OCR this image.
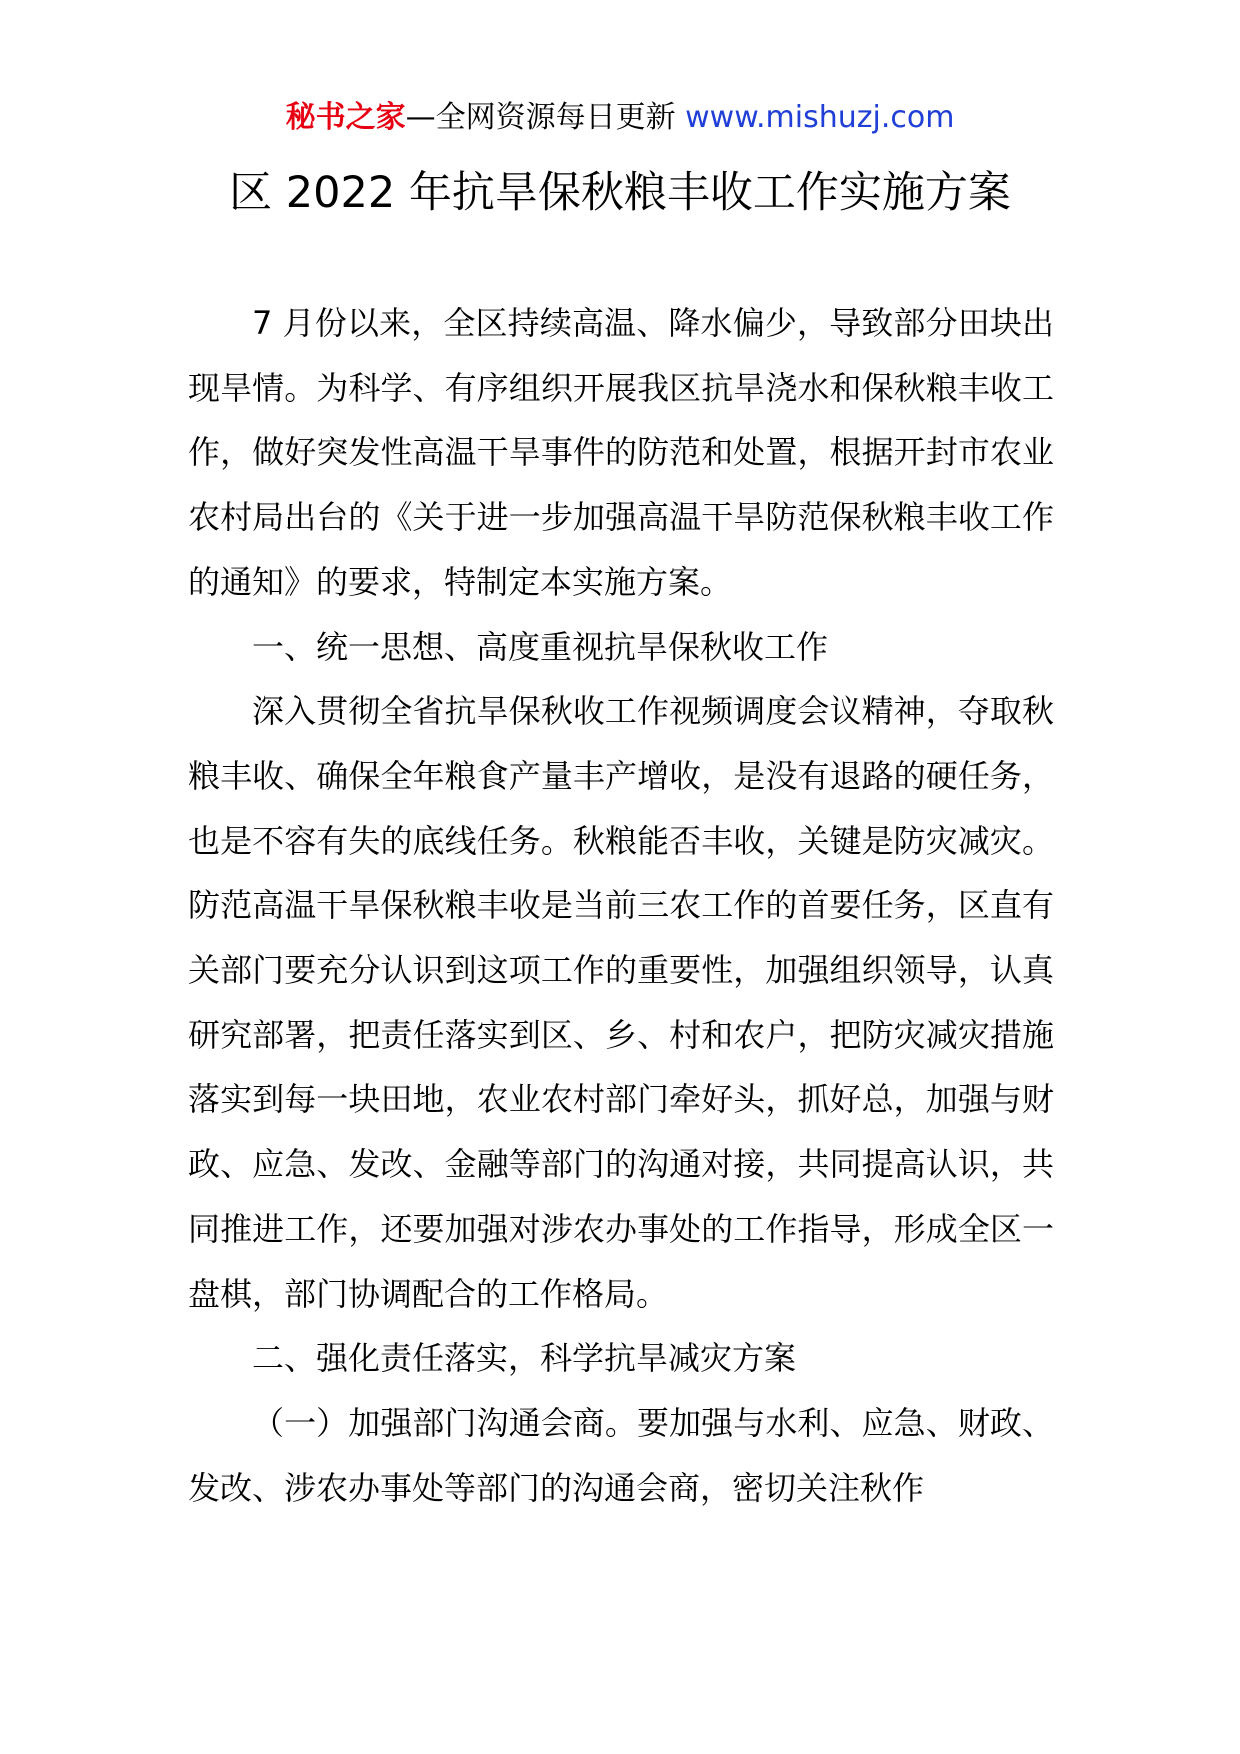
秘书之家—全网资源每日更新 www.mishuzj.com
区 2022 年抗旱保秋粮丰收工作实施方案

7 月份以来，全区持续高温、降水偏少，导致部分田块出现旱情。为科学、有序组织开展我区抗旱浇水和保秋粮丰收工作，做好突发性高温干旱事件的防范和处置，根据开封市农业农村局出台的《关于进一步加强高温干旱防范保秋粮丰收工作的通知》的要求，特制定本实施方案。

一、统一思想、高度重视抗旱保秋收工作

深入贯彻全省抗旱保秋收工作视频调度会议精神，夺取秋粮丰收、确保全年粮食产量丰产增收，是没有退路的硬任务，也是不容有失的底线任务。秋粮能否丰收，关键是防灾减灾。防范高温干旱保秋粮丰收是当前三农工作的首要任务，区直有关部门要充分认识到这项工作的重要性，加强组织领导，认真研究部署，把责任落实到区、乡、村和农户，把防灾减灾措施落实到每一块田地，农业农村部门牵好头，抓好总，加强与财政、应急、发改、金融等部门的沟通对接，共同提高认识，共同推进工作，还要加强对涉农办事处的工作指导，形成全区一盘棋，部门协调配合的工作格局。

二、强化责任落实，科学抗旱减灾方案

（一）加强部门沟通会商。要加强与水利、应急、财政、发改、涉农办事处等部门的沟通会商，密切关注秋作
